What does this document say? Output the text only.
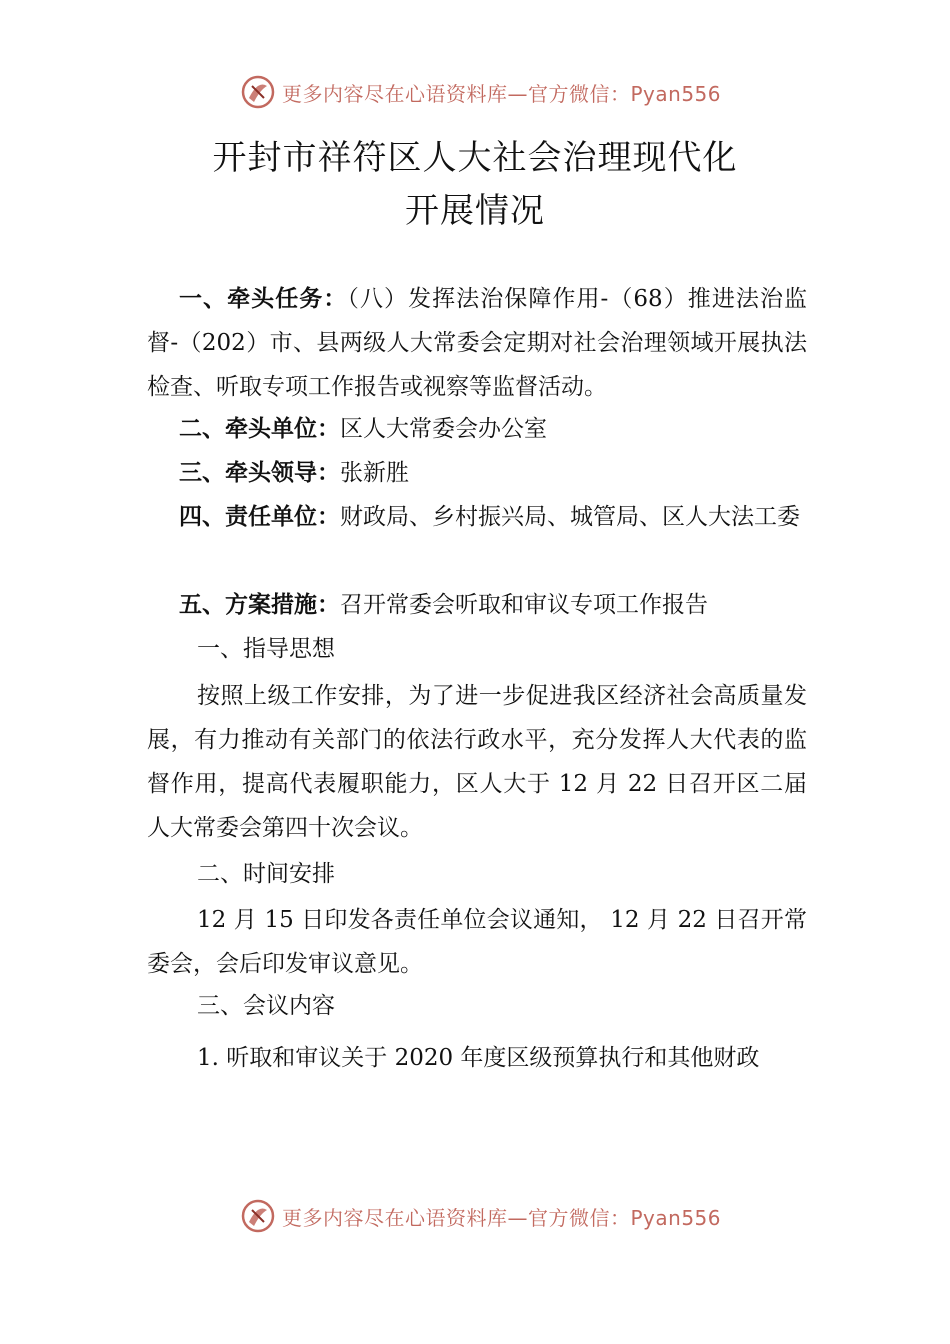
更多内容尽在心语资料库—官方微信：Pyan556
开封市祥符区人大社会治理现代化
开展情况
一、牵头任务：（八）发挥法治保障作用-（68）推进法治监督-（202）市、县两级人大常委会定期对社会治理领域开展执法检查、听取专项工作报告或视察等监督活动。
二、牵头单位：区人大常委会办公室
三、牵头领导：张新胜
四、责任单位：财政局、乡村振兴局、城管局、区人大法工委
五、方案措施：召开常委会听取和审议专项工作报告
一、指导思想
按照上级工作安排，为了进一步促进我区经济社会高质量发展，有力推动有关部门的依法行政水平，充分发挥人大代表的监督作用，提高代表履职能力，区人大于 12 月 22 日召开区二届人大常委会第四十次会议。
二、时间安排
12 月 15 日印发各责任单位会议通知， 12 月 22 日召开常委会，会后印发审议意见。
三、会议内容
1. 听取和审议关于 2020 年度区级预算执行和其他财政
更多内容尽在心语资料库—官方微信：Pyan556
